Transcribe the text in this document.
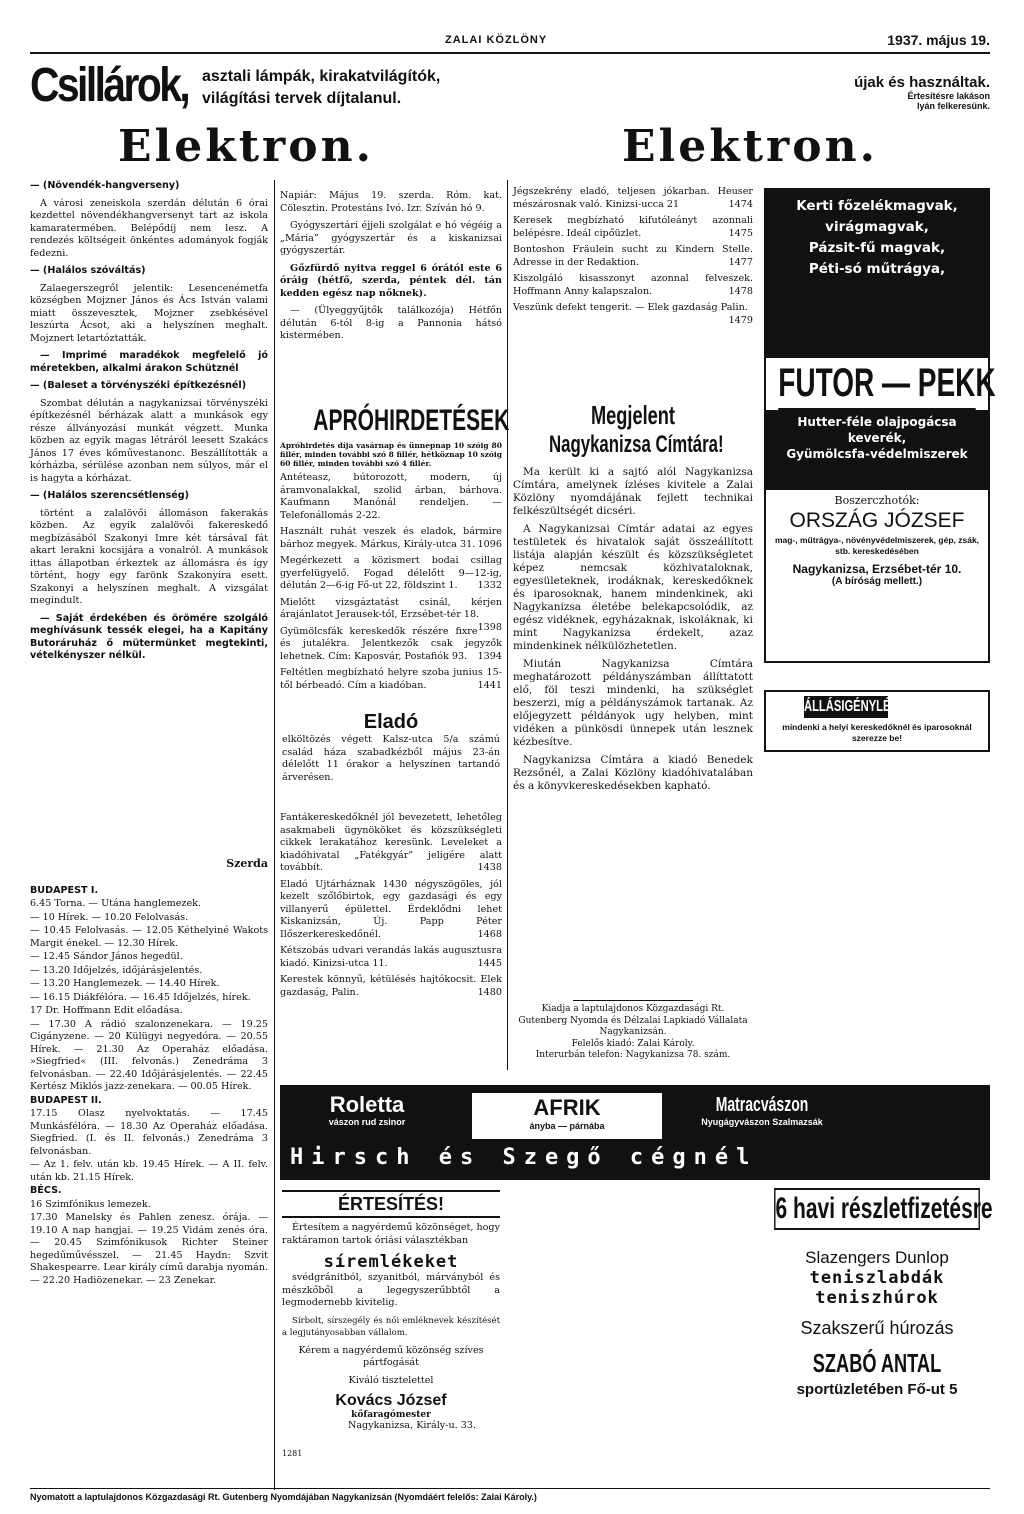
ZALAI KÖZLÖNY	1937. május 19.
Csillárok, asztali lámpák, kirakatvilágítók,
világítási tervek díjtalanul.
Elektron.
újak és használtak.
Értesítésre lakáson
lyán felkeresünk.
Elektron.

— (Növendék-hangverseny)

A városi zeneiskola szerdán délután 6 órai kezdettel növendékhangversenyt tart az iskola kamaratermében. Belépődíj nem lesz. A rendezés költségeit önkéntes adományok fogják fedezni.

— (Halálos szóváltás)

Zalaegerszegről jelentik: Lesencenémetfa községben Mojzner János és Ács István valami miatt összevesztek, Mojzner zsebkésével leszúrta Ácsot, aki a helyszínen meghalt. Mojznert letartóztatták.

— Imprimé maradékok megfelelő jó méretekben, alkalmi árakon Schütznél

— (Baleset a törvényszéki építkezésnél)

Szombat délután a nagykanizsai törvényszéki építkezésnél bérházak alatt a munkások egy része állványozási munkát végzett. Munka közben az egyik magas létráról leesett Szakács János 17 éves kőművestanonc. Beszállították a kórházba, sérülése azonban nem súlyos, már el is hagyta a kórházat.

— (Halálos szerencsétlenség)

történt a zalalövői állomáson fakerakás közben. Az egyik zalalövői fakereskedő megbízásából Szakonyi Imre két társával fát akart lerakni kocsijára a vonalról. A munkások ittas állapotban érkeztek az állomásra és így történt, hogy egy farönk Szakonyira esett. Szakonyi a helyszínen meghalt. A vizsgálat megindult.

— Saját érdekében és örömére szolgáló meghívásunk tessék elegei, ha a Kapitány Butoráruház ő mütermünket megtekinti, vételkényszer nélkül.

Szerda

BUDAPEST I.

6.45 Torna. — Utána hanglemezek.

— 10 Hírek. — 10.20 Felolvasás.

— 10.45 Felolvasás. — 12.05 Kéthelyiné Wakots Margit énekel. — 12.30 Hírek.

— 12.45 Sándor János hegedül.

— 13.20 Időjelzés, időjárásjelentés.

— 13.20 Hanglemezek. — 14.40 Hírek.

— 16.15 Diákfélóra. — 16.45 Időjelzés, hírek.

17 Dr. Hoffmann Edit előadása.

— 17.30 A rádió szalonzenekara. — 19.25 Cigányzene. — 20 Külügyi negyedóra. — 20.55 Hírek. — 21.30 Az Operaház előadása. »Siegfried« (III. felvonás.) Zenedráma 3 felvonásban. — 22.40 Időjárásjelentés. — 22.45 Kertész Miklós jazz-zenekara. — 00.05 Hírek.

BUDAPEST II.

17.15 Olasz nyelvoktatás. — 17.45 Munkásfélóra. — 18.30 Az Operaház előadása. Siegfried. (I. és II. felvonás.) Zenedráma 3 felvonásban.

— Az 1. felv. után kb. 19.45 Hírek. — A II. felv. után kb. 21.15 Hírek.

BÉCS.

16 Szimfónikus lemezek.

17.30 Manelsky és Pahlen zenesz. órája. — 19.10 A nap hangjai. — 19.25 Vidám zenés óra. — 20.45 Szimfónikusok Richter Steiner hegedűművésszel. — 21.45 Haydn: Szvit Shakespearre. Lear király című darabja nyomán. — 22.20 Hadiözenekar. — 23 Zenekar.

Napiár: Május 19. szerda. Róm. kat. Cölesztin. Protestáns Ivó. Izr. Szíván hó 9.

Gyógyszertári éjjeli szolgálat e hó végéig a „Mária” gyógyszertár és a kiskanizsai gyógyszertár.

Gőzfürdő nyitva reggel 6 órától este 6 óráig (hétfő, szerda, péntek dél. tán kedden egész nap nőknek).

— (Ülyeggyűjtők találkozója) Hétfőn délután 6-tól 8-ig a Pannonia hátsó kistermében.

APRÓHIRDETÉSEK

Apróhirdetés díja vasárnap és ünnepnap 10 szóig 80 fillér, minden további szó 8 fillér, hétköznap 10 szóig 60 fillér, minden további szó 4 fillér.

Antéteasz, bútorozott, modern, új áramvonalakkal, szolid árban, bárhova. Kaufmann Manónál rendeljen. — Telefonállomás 2-22.

Használt ruhát veszek és eladok, bármire bárhoz megyek. Márkus, Király-utca 31. 1096

Megérkezett a közismert bodai csillag gyerfelügyelő. Fogad délelőtt 9—12-ig, délután 2—6-ig Fő-ut 22, földszint 1. 1332

Mielőtt vizsgáztatást csinál, kérjen árajánlatot Jerausek-tól, Erzsébet-tér 18.
1398

Gyümölcsfák kereskedők részére fixre és jutalékra. Jelentkezők csak jegyzők lehetnek. Cím: Kaposvár, Postafiók 93. 1394

Feltétlen megbízható helyre szoba junius 15-től bérbeadó. Cím a kiadóban.	1441

Eladó
elköltözés végett Kalsz-utca 5/a számú család háza szabadkézből május 23-án délelőtt 11 órakor a helyszínen tartandó árverésen.

Fantákereskedőknél jól bevezetett, lehetőleg asakmabeli ügynököket és közszükségleti cikkek lerakatához keresünk. Leveleket a kiadóhivatal „Fatékgyár” jeligére alatt továbbít.	1438

Eladó Ujtárháznak 1430 négyszögöles, jól kezelt szőlőbirtok, egy gazdasági és egy villanyerű épülettel. Érdeklődni lehet Kiskanizsán, Új. Papp Péter Ilőszerkereskedőnél.	1468

Kétszobás udvari verandás lakás augusztusra kiadó. Kinizsi-utca 11.	1445

Kerestek könnyű, kétülésés hajtókocsit. Elek gazdaság, Palin.	1480

Jégszekrény eladó, teljesen jókarban. Heuser mészárosnak való. Kinizsi-ucca 21	1474

Keresek megbízható kifutóleányt azonnali belépésre. Ideál cipőüzlet.	1475

Bontoshon Fräulein sucht zu Kindern Stelle. Adresse in der Redaktion.	1477

Kiszolgáló kisasszonyt azonnal felveszek. Hoffmann Anny kalapszalon.	1478

Veszünk defekt tengerit. — Elek gazdaság Palin.
1479

Megjelent
Nagykanizsa Címtára!

Ma került ki a sajtó alól Nagykanizsa Címtára, amelynek ízléses kivitele a Zalai Közlöny nyomdájának fejlett technikai felkészültségét dicséri.

A Nagykanizsai Címtár adatai az egyes testületek és hivatalok saját összeállított listája alapján készült és közszükségletet képez nemcsak közhivataloknak, egyesületeknek, irodáknak, kereskedőknek és iparosoknak, hanem mindenkinek, aki Nagykanizsa életébe belekapcsolódik, az egész vidéknek, egyházaknak, iskoláknak, ki mint Nagykanizsa érdekelt, azaz mindenkinek nélkülözhetetlen.

Miután Nagykanizsa Címtára meghatározott példányszámban állíttatott elő, föl teszi mindenki, ha szükséglet beszerzi, míg a példányszámok tartanak. Az előjegyzett példányok ugy helyben, mint vidéken a pünkösdi ünnepek után lesznek kézbesítve.

Nagykanizsa Címtára a kiadó Benedek Rezsőnél, a Zalai Közlöny kiadóhivatalában és a könyvkereskedésekben kapható.

Kiadja a laptulajdonos Közgazdasági Rt.
Gutenberg Nyomda és Délzalai Lapkiadó Vállalata Nagykanizsán.
Felelős kiadó: Zalai Károly.
Interurbán telefon: Nagykanizsa 78. szám.
Kerti főzelékmagvak,
virágmagvak,
Pázsit-fű magvak,
Péti-só műtrágya,
FUTOR — PEKK
Hutter-féle olajpogácsa keverék,
Gyümölcsfa-védelmiszerek
Boszerczhotók:
ORSZÁG JÓZSEF
mag-, műtrágya-, növényvédelmiszerek, gép, zsák, stb. kereskedésében
Nagykanizsa, Erzsébet-tér 10.
(A bíróság mellett.)
ÁLLÁSIGÉNYLÉS
mindenki a helyi kereskedőknél és iparosoknál szerezze be!
Roletta
vászon rud zsinor
AFRIK
ányba — párnába
Matracvászon
Nyugágyvászon Szalmazsák
Hirsch és Szegő cégnél
ÉRTESÍTÉS!

Értesítem a nagyérdemű közönséget, hogy raktáramon tartok óriási választékban

síremlékeket

svédgránitból, szyanitból, márványból és mészkőből a legegyszerűbbtől a legmodernebb kivitelig.

Sírbolt, sírszegély és női emléknevek készítését a legjutányosabban vállalom.

Kérem a nagyérdemű közönség szíves pártfogását

Kiváló tisztelettel

Kovács József
kőfaragómester
Nagykanizsa, Király-u. 33.
1281
6 havi részletfizetésre
Slazengers Dunlop
teniszlabdák
teniszhúrok
Szakszerű húrozás
SZABÓ ANTAL
sportüzletében Fő-ut 5
Nyomatott a laptulajdonos Közgazdasági Rt. Gutenberg Nyomdájában Nagykanizsán (Nyomdáért felelős: Zalai Károly.)
